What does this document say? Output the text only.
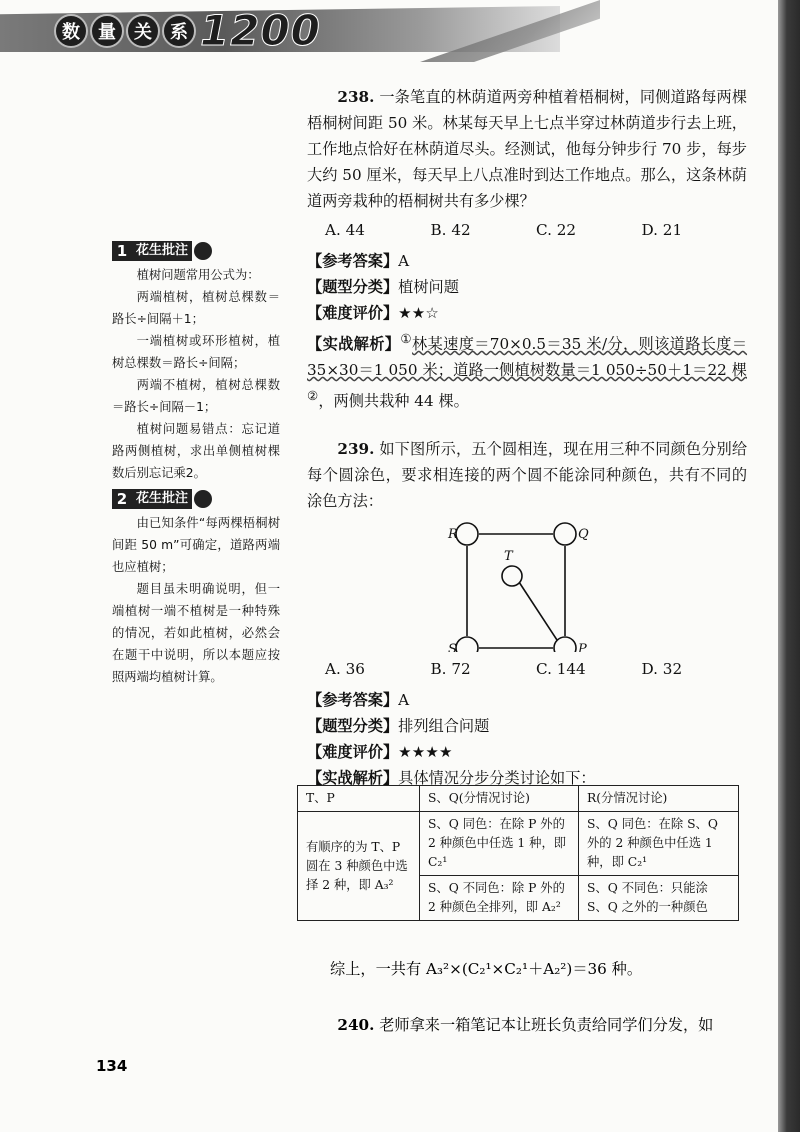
数	量	关	系 1200
1 花生批注

植树问题常用公式为：

两端植树，植树总棵数＝路长÷间隔＋1；

一端植树或环形植树，植树总棵数＝路长÷间隔；

两端不植树，植树总棵数＝路长÷间隔－1；

植树问题易错点：忘记道路两侧植树，求出单侧植树棵数后别忘记乘2。

2 花生批注

由已知条件“每两棵梧桐树间距 50 m”可确定，道路两端也应植树；

题目虽未明确说明，但一端植树一端不植树是一种特殊的情况，若如此植树，必然会在题干中说明，所以本题应按照两端均植树计算。

238. 一条笔直的林荫道两旁种植着梧桐树，同侧道路每两棵梧桐树间距 50 米。林某每天早上七点半穿过林荫道步行去上班，工作地点恰好在林荫道尽头。经测试，他每分钟步行 70 步，每步大约 50 厘米，每天早上八点准时到达工作地点。那么，这条林荫道两旁栽种的梧桐树共有多少棵？

A. 44	B. 42	C. 22	D. 21

【 参考答案 】 A

【 题型分类 】 植树问题

【 难度评价 】 ★★☆

【 实战解析 】 ①林某速度＝70×0.5＝35 米/分，则该道路长度＝35×30＝1 050 米；道路一侧植树数量＝1 050÷50＋1＝22 棵②，两侧共栽种 44 棵。

239. 如下图所示，五个圆相连，现在用三种不同颜色分别给每个圆涂色，要求相连接的两个圆不能涂同种颜色，共有不同的涂色方法：

R	Q
T
S	P
A. 36	B. 72	C. 144	D. 32

【 参考答案 】 A

【 题型分类 】 排列组合问题

【 难度评价 】 ★★★★

【 实战解析 】 具体情况分步分类讨论如下：

T、P	S、Q(分情况讨论)	R(分情况讨论)
有顺序的为 T、P 圆在 3 种颜色中选择 2 种，即 A₃²	S、Q 同色：在除 P 外的 2 种颜色中任选 1 种，即 C₂¹	S、Q 同色：在除 S、Q 外的 2 种颜色中任选 1 种，即 C₂¹
	S、Q 不同色：除 P 外的 2 种颜色全排列，即 A₂²	S、Q 不同色：只能涂 S、Q 之外的一种颜色
综上，一共有 A₃²×(C₂¹×C₂¹＋A₂²)＝36 种。

240. 老师拿来一箱笔记本让班长负责给同学们分发，如

134
